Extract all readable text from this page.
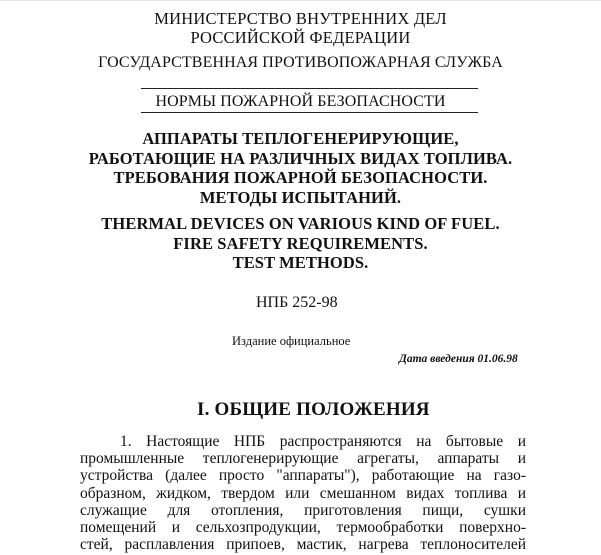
МИНИСТЕРСТВО ВНУТРЕННИХ ДЕЛ
РОССИЙСКОЙ ФЕДЕРАЦИИ
ГОСУДАРСТВЕННАЯ ПРОТИВОПОЖАРНАЯ СЛУЖБА
НОРМЫ ПОЖАРНОЙ БЕЗОПАСНОСТИ
АППАРАТЫ ТЕПЛОГЕНЕРИРУЮЩИЕ,
РАБОТАЮЩИЕ НА РАЗЛИЧНЫХ ВИДАХ ТОПЛИВА.
ТРЕБОВАНИЯ ПОЖАРНОЙ БЕЗОПАСНОСТИ.
МЕТОДЫ ИСПЫТАНИЙ.
THERMAL DEVICES ON VARIOUS KIND OF FUEL.
FIRE SAFETY REQUIREMENTS.
TEST METHODS.
НПБ 252-98
Издание официальное
Дата введения 01.06.98
I. ОБЩИЕ ПОЛОЖЕНИЯ
1. Настоящие НПБ распространяются на бытовые и
промышленные теплогенерирующие агрегаты, аппараты и
устройства (далее просто "аппараты"), работающие на газо-
образном, жидком, твердом или смешанном видах топлива и
служащие для отопления, приготовления пищи, сушки
помещений и сельхозпродукции, термообработки поверхно-
стей, расплавления припоев, мастик, нагрева теплоносителей
